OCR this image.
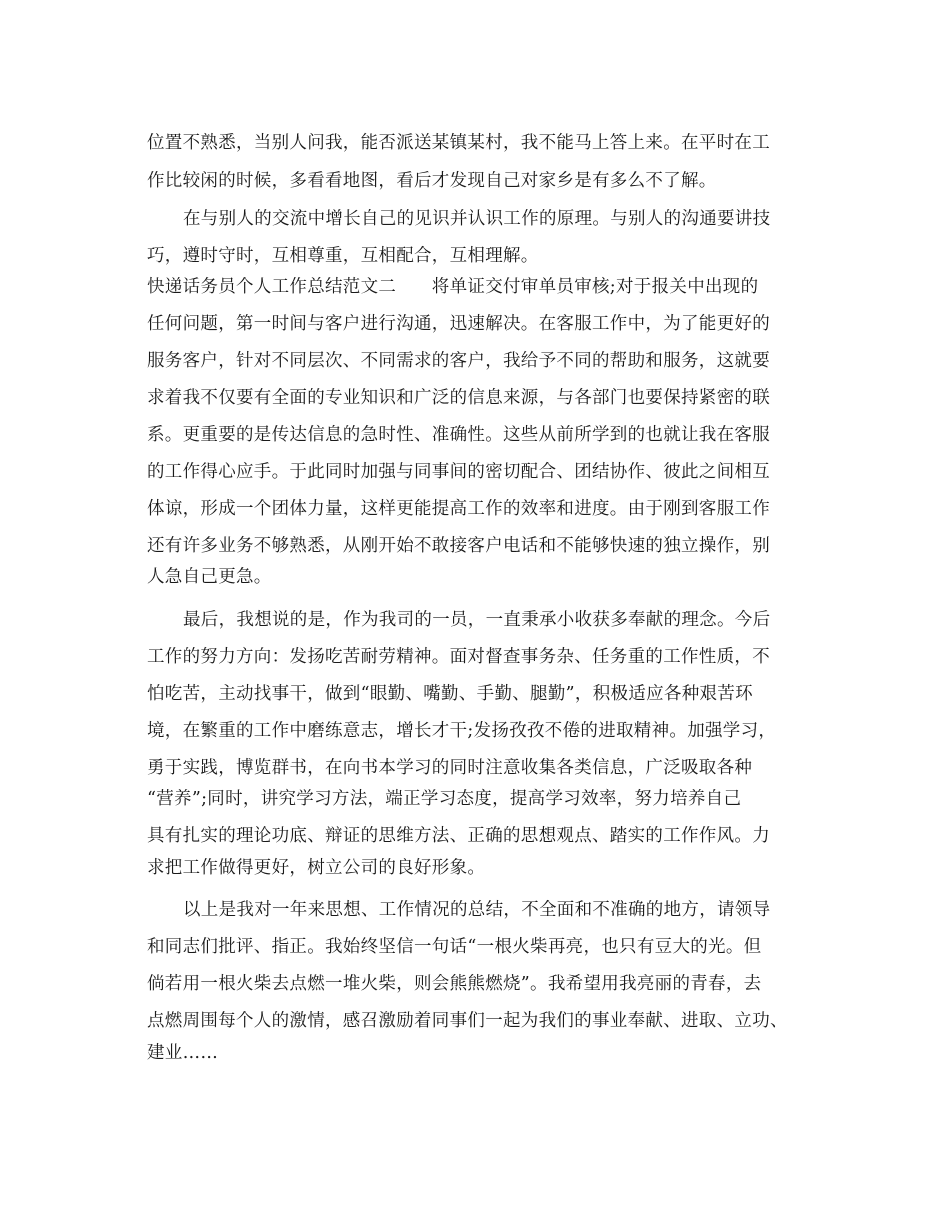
位置不熟悉，当别人问我，能否派送某镇某村，我不能马上答上来。在平时在工

作比较闲的时候，多看看地图，看后才发现自己对家乡是有多么不了解。

在与别人的交流中增长自己的见识并认识工作的原理。与别人的沟通要讲技

巧，遵时守时，互相尊重，互相配合，互相理解。

快递话务员个人工作总结范文二　　将单证交付审单员审核;对于报关中出现的

任何问题，第一时间与客户进行沟通，迅速解决。在客服工作中，为了能更好的

服务客户，针对不同层次、不同需求的客户，我给予不同的帮助和服务，这就要

求着我不仅要有全面的专业知识和广泛的信息来源，与各部门也要保持紧密的联

系。更重要的是传达信息的急时性、准确性。这些从前所学到的也就让我在客服

的工作得心应手。于此同时加强与同事间的密切配合、团结协作、彼此之间相互

体谅，形成一个团体力量，这样更能提高工作的效率和进度。由于刚到客服工作

还有许多业务不够熟悉，从刚开始不敢接客户电话和不能够快速的独立操作，别

人急自己更急。

最后，我想说的是，作为我司的一员，一直秉承小收获多奉献的理念。今后

工作的努力方向：发扬吃苦耐劳精神。面对督查事务杂、任务重的工作性质，不

怕吃苦，主动找事干，做到“眼勤、嘴勤、手勤、腿勤”，积极适应各种艰苦环

境，在繁重的工作中磨练意志，增长才干;发扬孜孜不倦的进取精神。加强学习，

勇于实践，博览群书，在向书本学习的同时注意收集各类信息，广泛吸取各种

“营养”;同时，讲究学习方法，端正学习态度，提高学习效率，努力培养自己

具有扎实的理论功底、辩证的思维方法、正确的思想观点、踏实的工作作风。力

求把工作做得更好，树立公司的良好形象。

以上是我对一年来思想、工作情况的总结，不全面和不准确的地方，请领导

和同志们批评、指正。我始终坚信一句话“一根火柴再亮，也只有豆大的光。但

倘若用一根火柴去点燃一堆火柴，则会熊熊燃烧”。我希望用我亮丽的青春，去

点燃周围每个人的激情，感召激励着同事们一起为我们的事业奉献、进取、立功、

建业……
